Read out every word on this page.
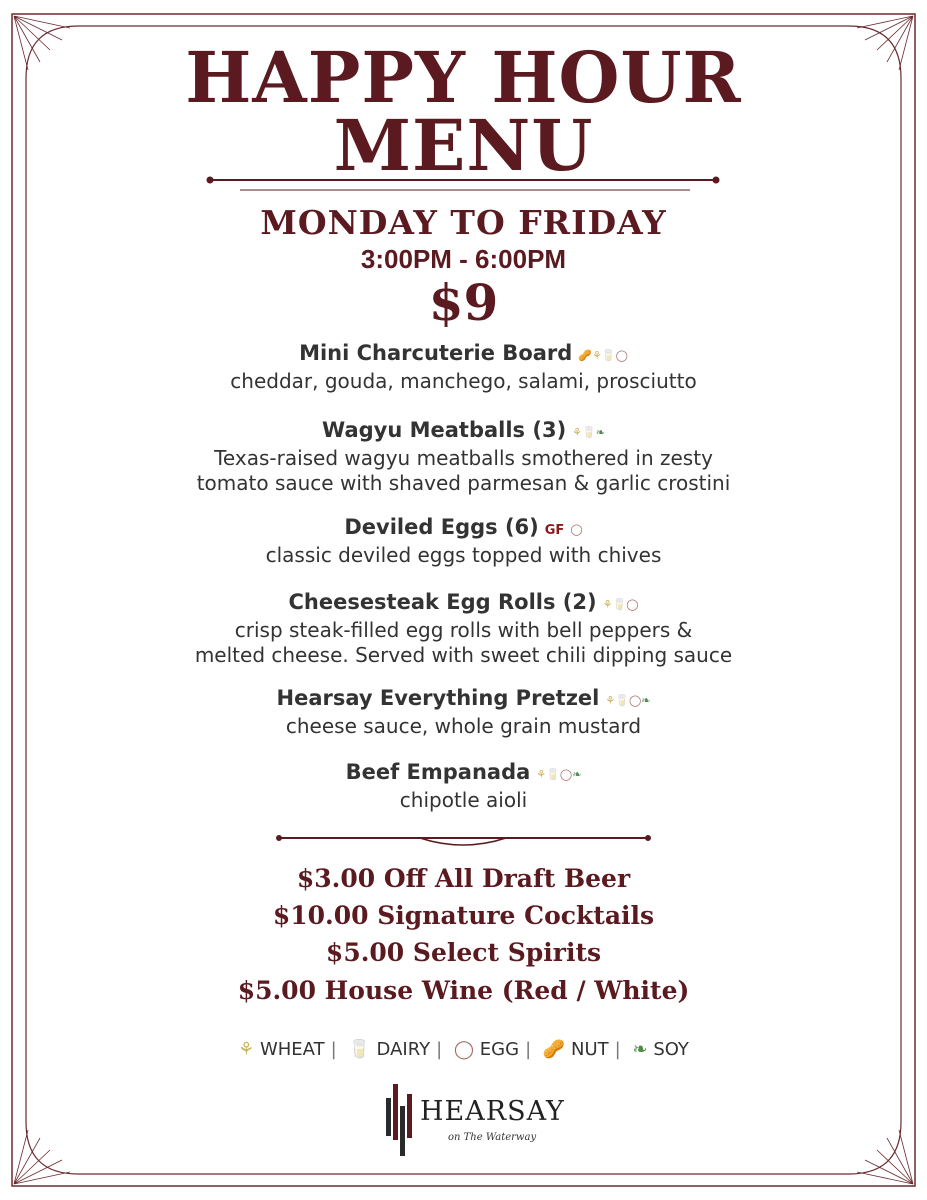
HAPPY HOUR
MENU
MONDAY TO FRIDAY
3:00PM - 6:00PM
$9
Mini Charcuterie Board 🥜⚘🥛◯
cheddar, gouda, manchego, salami, prosciutto
Wagyu Meatballs (3) ⚘🥛❧
Texas-raised wagyu meatballs smothered in zesty
tomato sauce with shaved parmesan & garlic crostini
Deviled Eggs (6) GF ◯
classic deviled eggs topped with chives
Cheesesteak Egg Rolls (2) ⚘🥛◯
crisp steak-filled egg rolls with bell peppers &
melted cheese. Served with sweet chili dipping sauce
Hearsay Everything Pretzel ⚘🥛◯❧
cheese sauce, whole grain mustard
Beef Empanada ⚘🥛◯❧
chipotle aioli
$3.00 Off All Draft Beer
$10.00 Signature Cocktails
$5.00 Select Spirits
$5.00 House Wine (Red / White)
⚘ WHEAT | 🥛 DAIRY | ◯ EGG | 🥜 NUT | ❧ SOY
HEARSAY
on The Waterway
